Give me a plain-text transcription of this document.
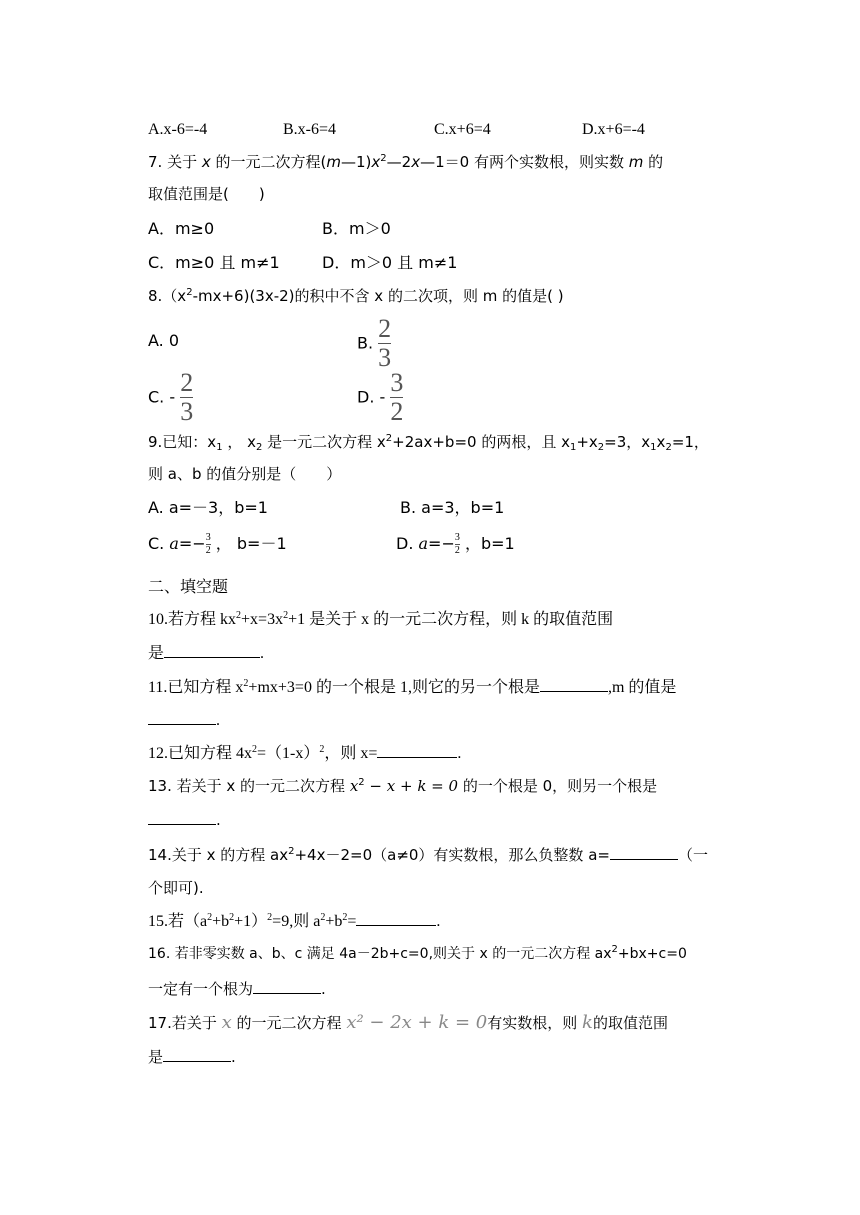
A.x-6=-4	B.x-6=4	C.x+6=4	D.x+6=-4
7. 关于 x 的一元二次方程$(m—1)x^2—2x—1=0$ 有两个实数根，则实数 m 的
取值范围是(　　)
A．m≥0	B．m＞0
C．m≥0 且 m≠1	D．m＞0 且 m≠1
$8.(x^2-mx+6)(3x-2)$的积中不含 x 的二次项，则 m 的值是( )
A. 0	B. $\frac{2}{3}$
C. - $\frac{2}{3}$	D. - $\frac{3}{2}$
9.已知：$x_1$ ， $x_2$ 是一元二次方程 $x^2+2ax+b=0$ 的两根，且 $x_1+x_2=3$，$x_1x_2=1$，
则 a、b 的值分别是（　　）
A. a=－3，b=1	B. a=3，b=1
C. $a=- \frac{3}{2}$ ， b=－1	D. $a=- \frac{3}{2}$ ，b=1
二、填空题
10.若方程 $kx^2+x=3x^2+1$ 是关于 x 的一元二次方程，则 k 的取值范围
是	.
11.已知方程 $x^2+mx+3=0$ 的一个根是 1,则它的另一个根是	,m 的值是
.
12.已知方程 $4x^2=(1-x)^2$，则 x=	.
13. 若关于 x 的一元二次方程 $x^2 - x + k = 0$ 的一个根是 0，则另一个根是
.
14.关于 x 的方程 $ax^2+4x-2=0(a\ne 0)$有实数根，那么负整数 a=	（一
个即可).
15.若$(a^2+b^2+1)^2=9$,则 $a^2+b^2=$	.
16. 若非零实数 a、b、c 满足 4a－2b+c=0,则关于 x 的一元二次方程 $ax^2+bx+c=0$
一定有一个根为	.
17.若关于 x 的一元二次方程 x² − 2x + k = 0有实数根，则 k的取值范围
是	.
